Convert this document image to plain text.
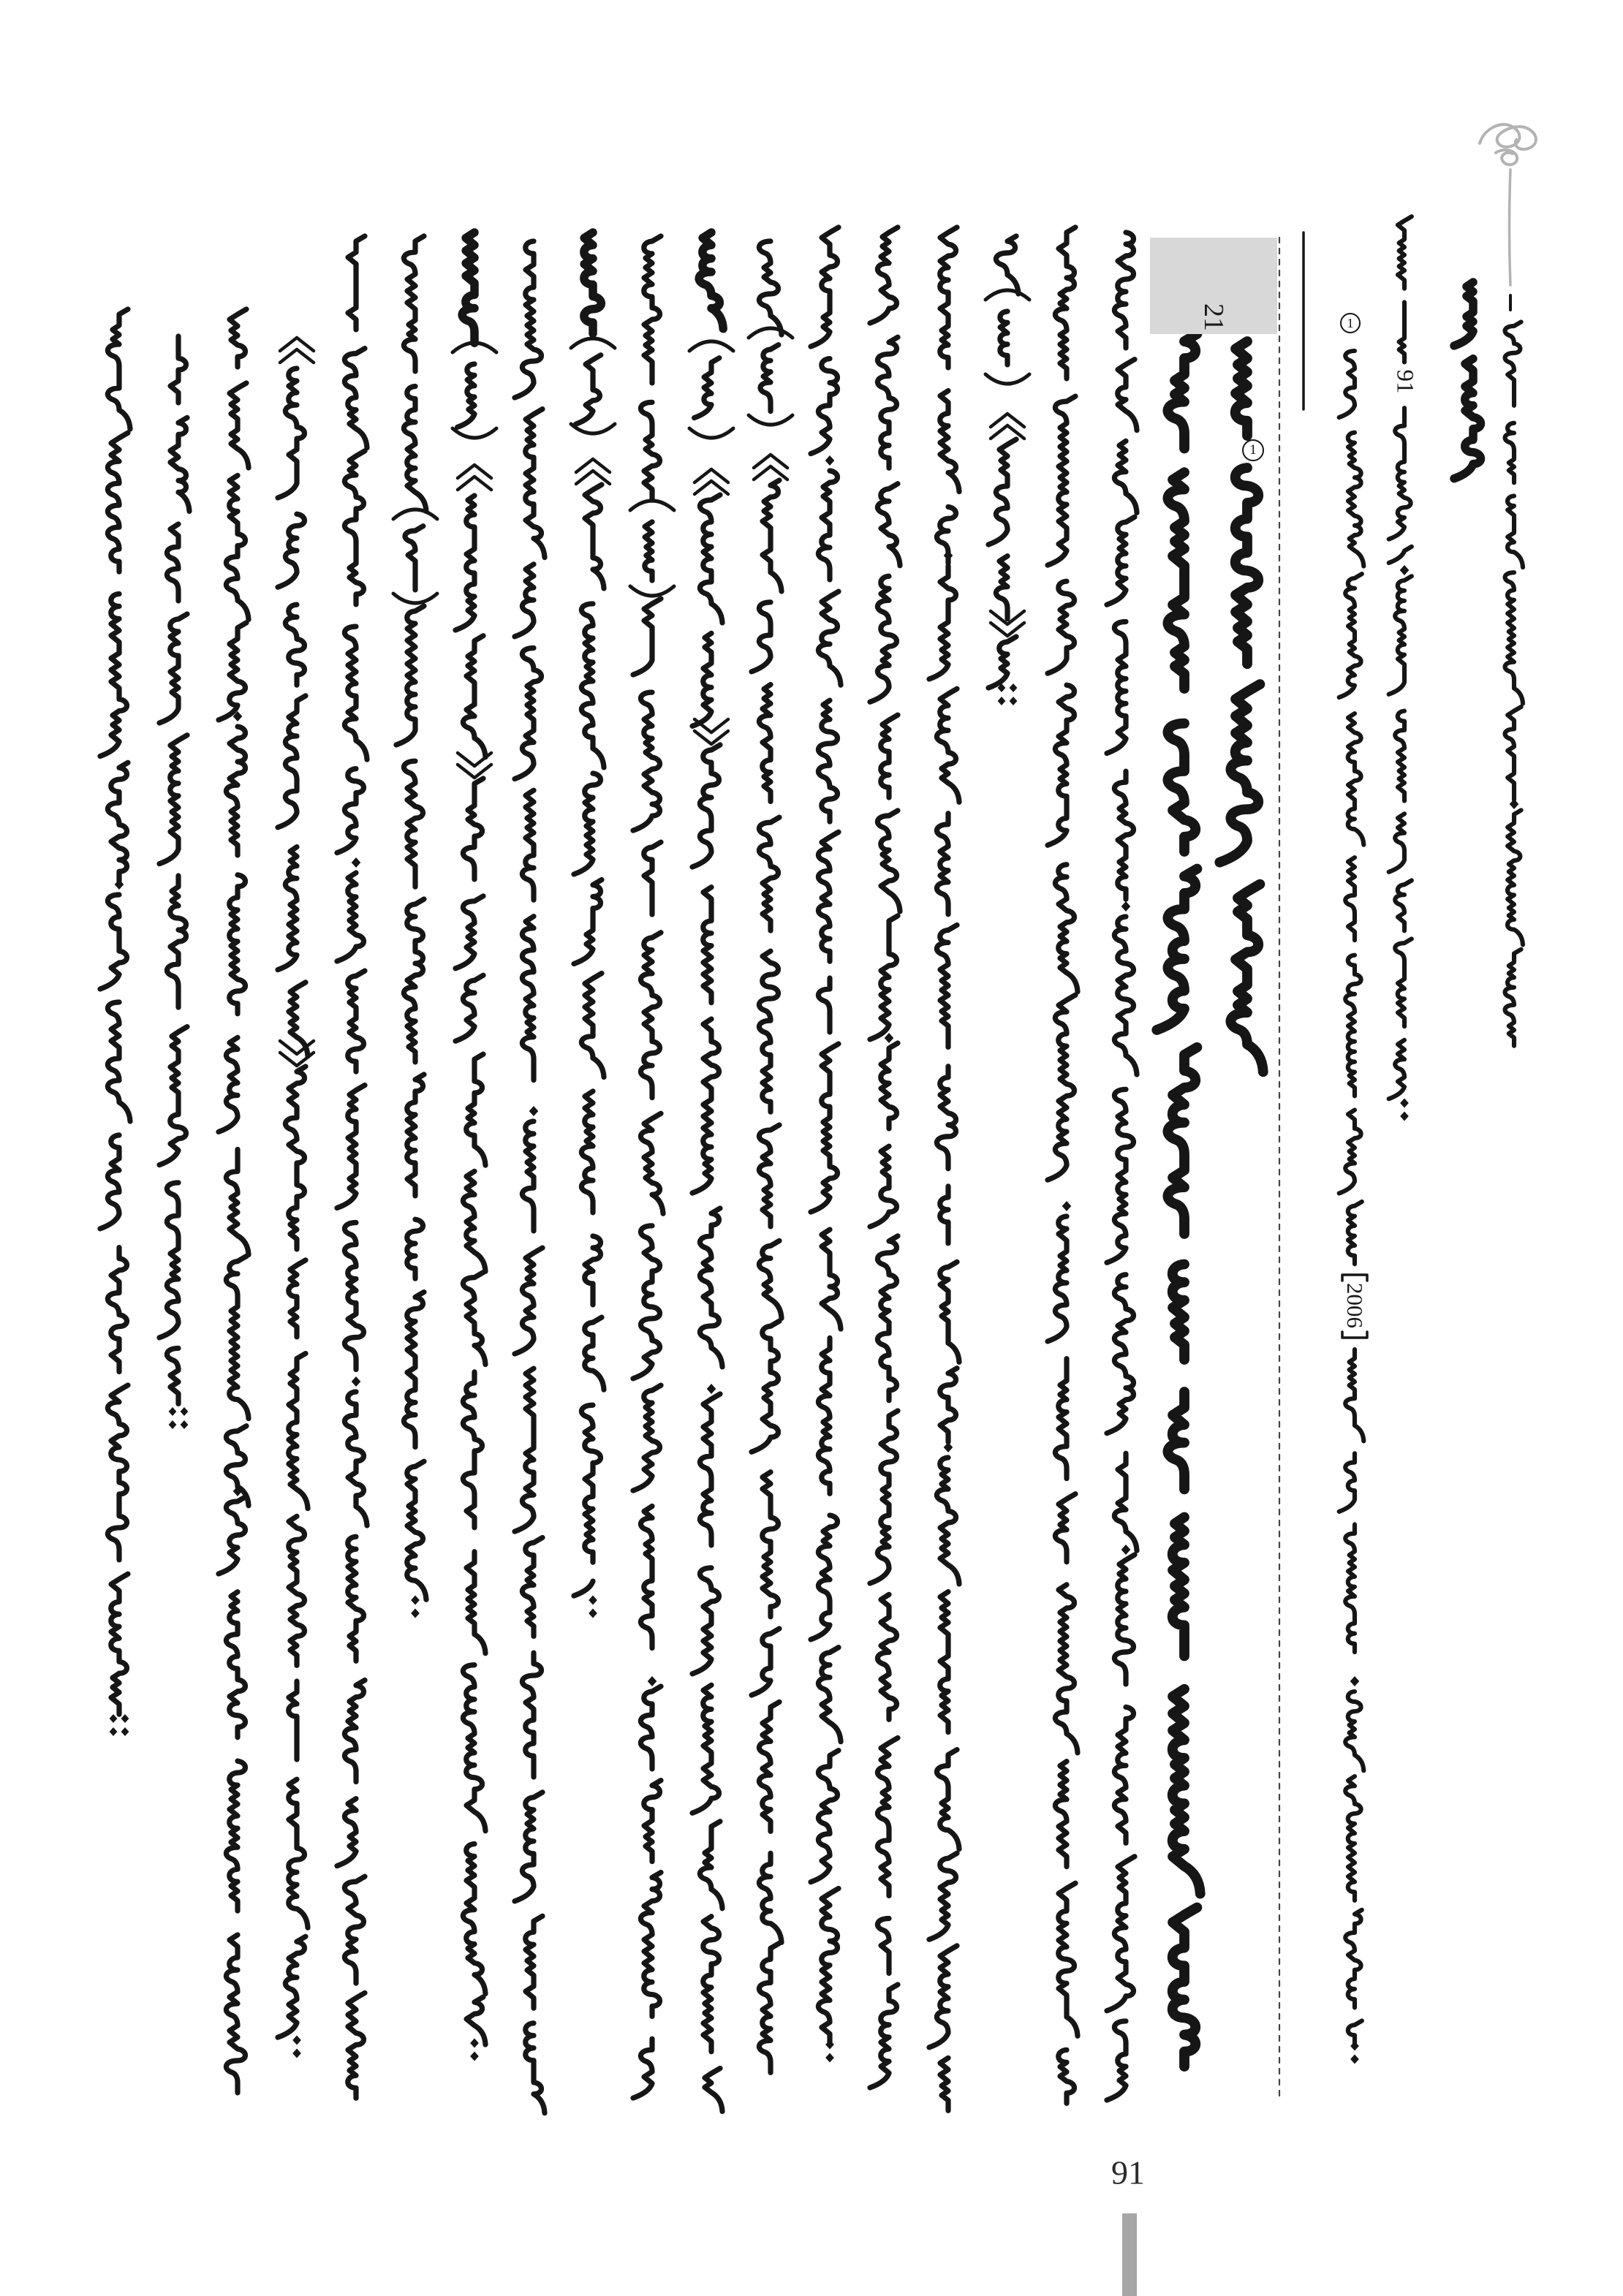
21
1
1
91
2006
91
